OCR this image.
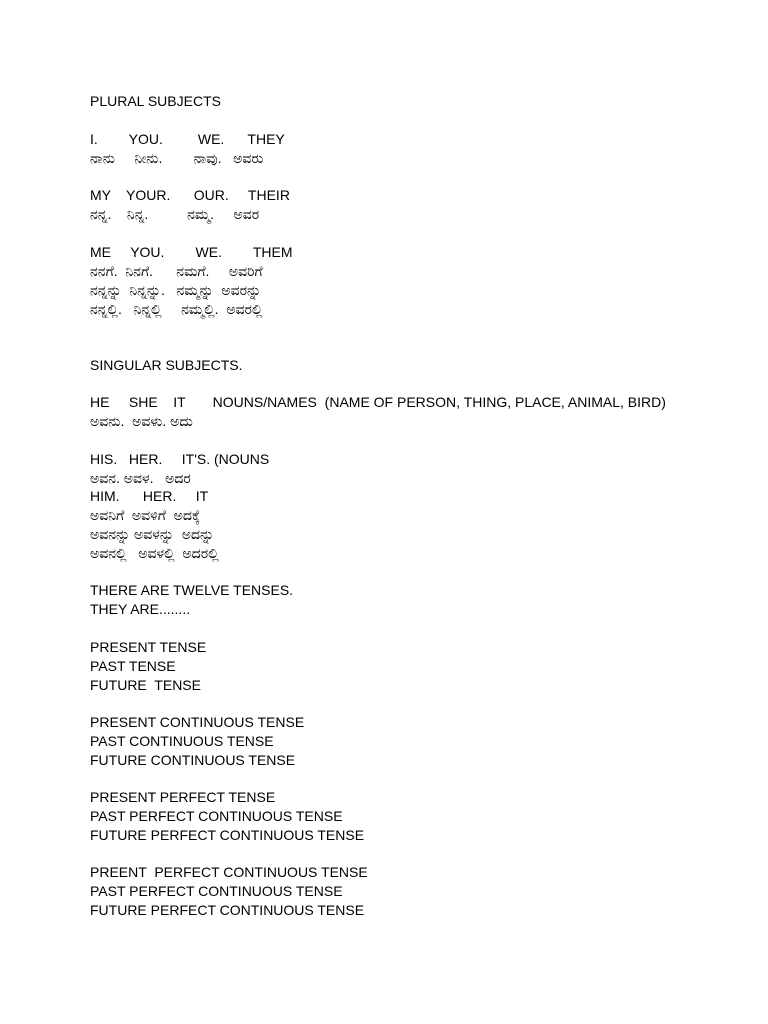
PLURAL SUBJECTS
I.        YOU.         WE.      THEY
ನಾನು     ನೀನು.        ನಾವು.   ಅವರು
MY    YOUR.      OUR.     THEIR
ನನ್ನ.    ನಿನ್ನ.          ನಮ್ಮ.     ಅವರ
ME     YOU.        WE.        THEM
ನನಗೆ.  ನಿನಗೆ.      ನಮಗೆ.     ಅವರಿಗೆ
ನನ್ನನ್ನು  ನಿನ್ನನ್ನು.   ನಮ್ಮನ್ನು  ಅವರನ್ನು
ನನ್ನಲ್ಲಿ.   ನಿನ್ನಲ್ಲಿ     ನಮ್ಮಲ್ಲಿ.  ಅವರಲ್ಲಿ
SINGULAR SUBJECTS.
HE     SHE    IT       NOUNS/NAMES  (NAME OF PERSON, THING, PLACE, ANIMAL, BIRD)
ಅವನು.  ಅವಳು. ಅದು
HIS.   HER.     IT'S. (NOUNS
ಅವನ. ಅವಳ.   ಅದರ
HIM.      HER.     IT
ಅವನಿಗೆ  ಅವಳಿಗೆ  ಅದಕ್ಕೆ
ಅವನನ್ನು ಅವಳನ್ನು  ಅದನ್ನು
ಅವನಲ್ಲಿ   ಅವಳಲ್ಲಿ  ಅದರಲ್ಲಿ
THERE ARE TWELVE TENSES.
THEY ARE........
PRESENT TENSE
PAST TENSE
FUTURE  TENSE
PRESENT CONTINUOUS TENSE
PAST CONTINUOUS TENSE
FUTURE CONTINUOUS TENSE
PRESENT PERFECT TENSE
PAST PERFECT CONTINUOUS TENSE
FUTURE PERFECT CONTINUOUS TENSE
PREENT  PERFECT CONTINUOUS TENSE
PAST PERFECT CONTINUOUS TENSE
FUTURE PERFECT CONTINUOUS TENSE
